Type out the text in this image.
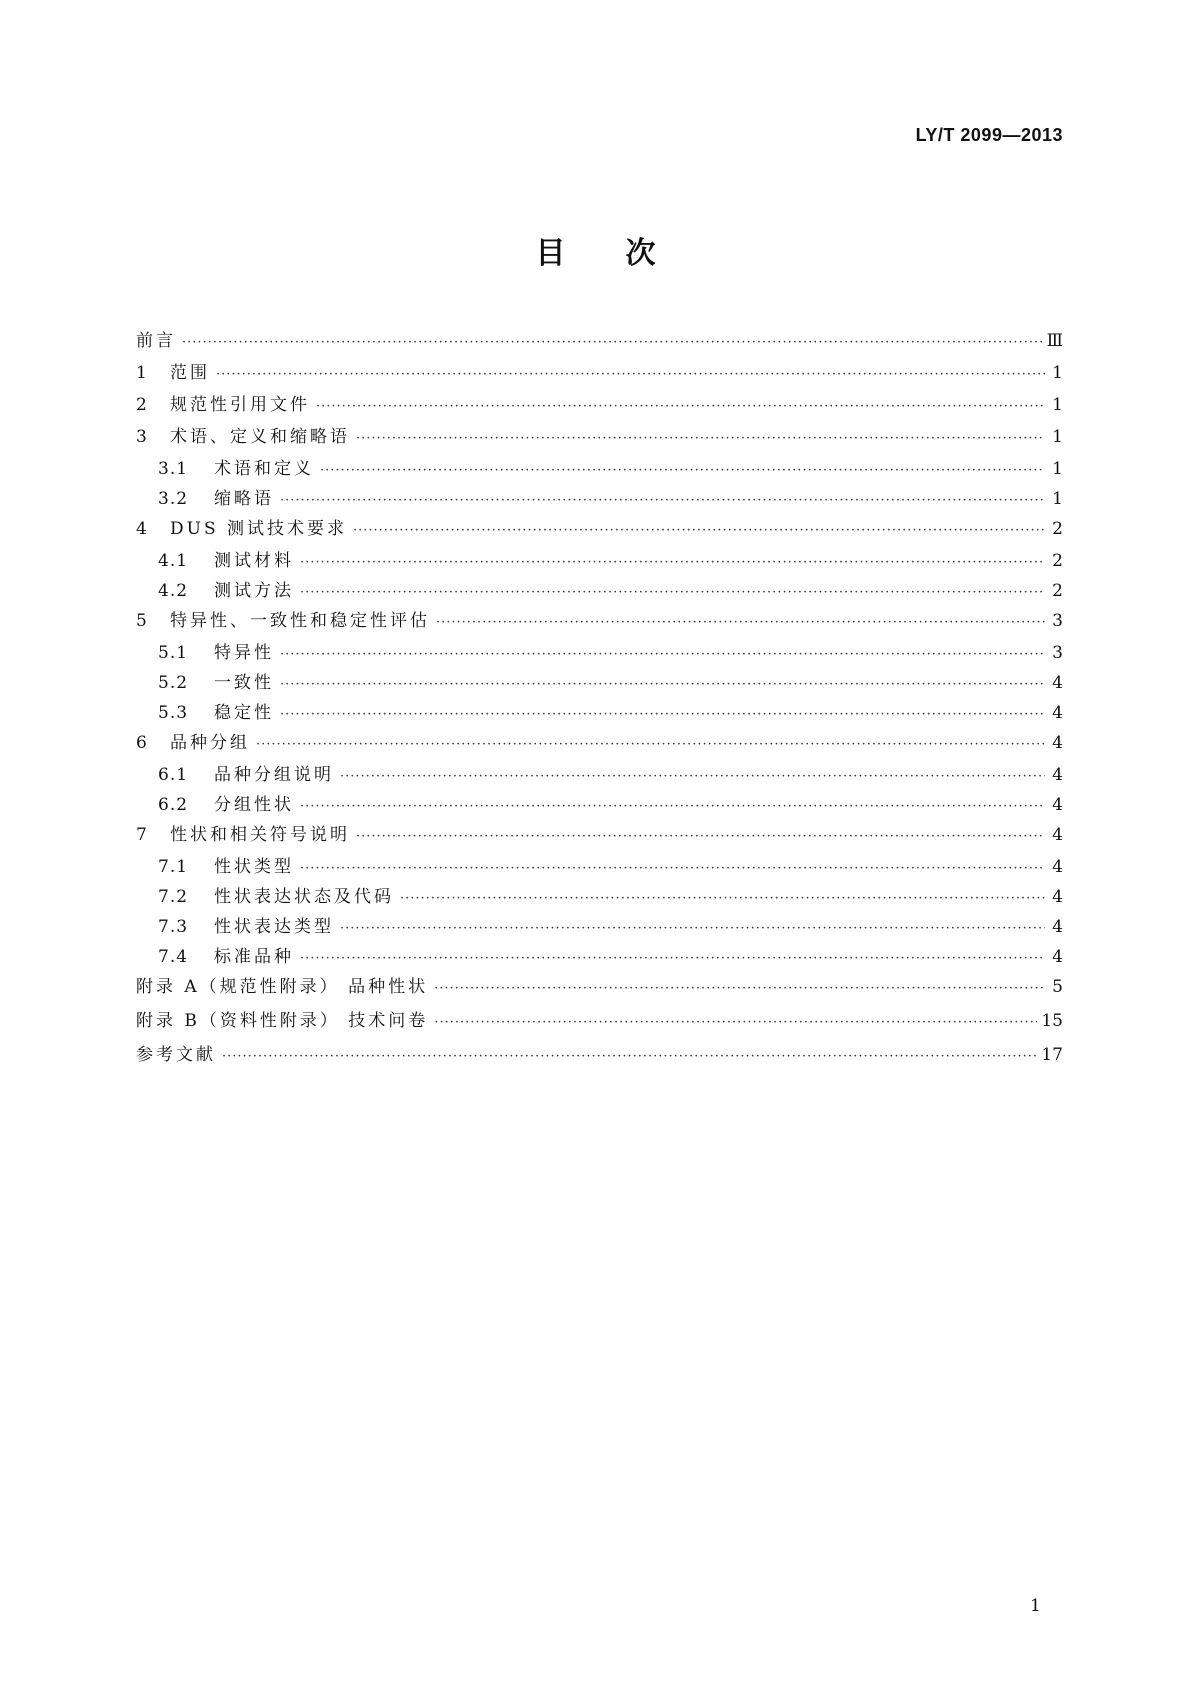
LY/T 2099—2013
目 次
前言 ·····	Ⅲ
1	范围 ·····	1
2	规范性引用文件 ·····	1
3	术语、定义和缩略语 ·····	1
3.1	术语和定义 ·····	1
3.2	缩略语 ·····	1
4	DUS 测试技术要求 ·····	2
4.1	测试材料 ·····	2
4.2	测试方法 ·····	2
5	特异性、一致性和稳定性评估 ·····	3
5.1	特异性 ·····	3
5.2	一致性 ·····	4
5.3	稳定性 ·····	4
6	品种分组 ·····	4
6.1	品种分组说明 ·····	4
6.2	分组性状 ·····	4
7	性状和相关符号说明 ·····	4
7.1	性状类型 ·····	4
7.2	性状表达状态及代码 ·····	4
7.3	性状表达类型 ·····	4
7.4	标准品种 ·····	4
附录 A（规范性附录） 品种性状 ·····	5
附录 B（资料性附录） 技术问卷 ·····	15
参考文献 ·····	17
1
